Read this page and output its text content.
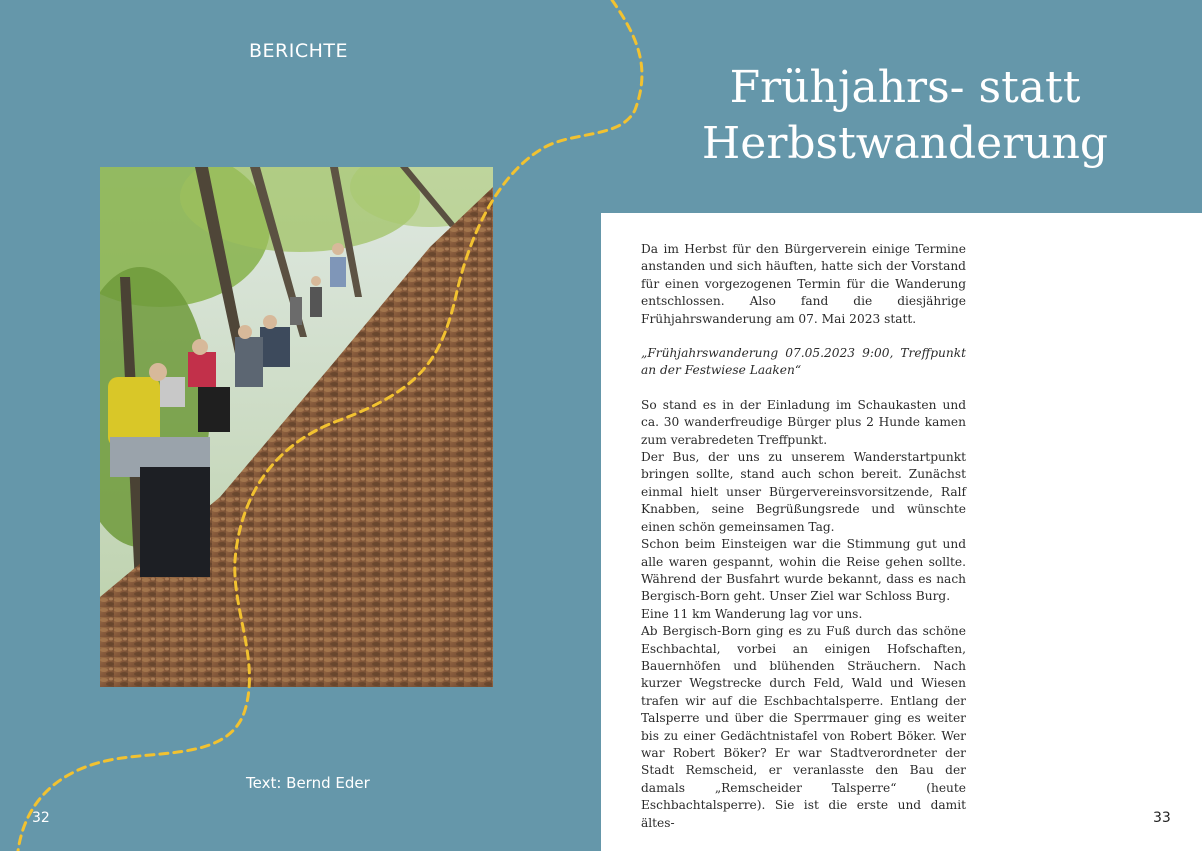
BERICHTE
Text: Bernd Eder
32
Frühjahrs- statt
Herbstwanderung

Da im Herbst für den Bürgerverein einige Termine anstanden und sich häuften, hatte sich der Vorstand für einen vorgezogenen Termin für die Wanderung entschlossen. Also fand die diesjährige Frühjahrswanderung am 07. Mai 2023 statt.

„Frühjahrswanderung 07.05.2023 9:00, Treffpunkt an der Festwiese Laaken“

So stand es in der Einladung im Schaukasten und ca. 30 wanderfreudige Bürger plus 2 Hunde kamen zum verabredeten Treffpunkt.

Der Bus, der uns zu unserem Wanderstartpunkt bringen sollte, stand auch schon bereit. Zunächst einmal hielt unser Bürgervereinsvorsitzende, Ralf Knabben, seine Begrüßungsrede und wünschte einen schön gemeinsamen Tag.

Schon beim Einsteigen war die Stimmung gut und alle waren gespannt, wohin die Reise gehen sollte. Während der Busfahrt wurde bekannt, dass es nach Bergisch-Born geht. Unser Ziel war Schloss Burg.

Eine 11 km Wanderung lag vor uns.

Ab Bergisch-Born ging es zu Fuß durch das schöne Eschbachtal, vorbei an einigen Hofschaften, Bauernhöfen und blühenden Sträuchern. Nach kurzer Wegstrecke durch Feld, Wald und Wiesen trafen wir auf die Eschbachtalsperre. Entlang der Talsperre und über die Sperrmauer ging es weiter bis zu einer Gedächtnistafel von Robert Böker. Wer war Robert Böker? Er war Stadtverordneter der Stadt Remscheid, er veranlasste den Bau der damals „Remscheider Talsperre“ (heute Eschbachtalsperre). Sie ist die erste und damit ältes-	33
